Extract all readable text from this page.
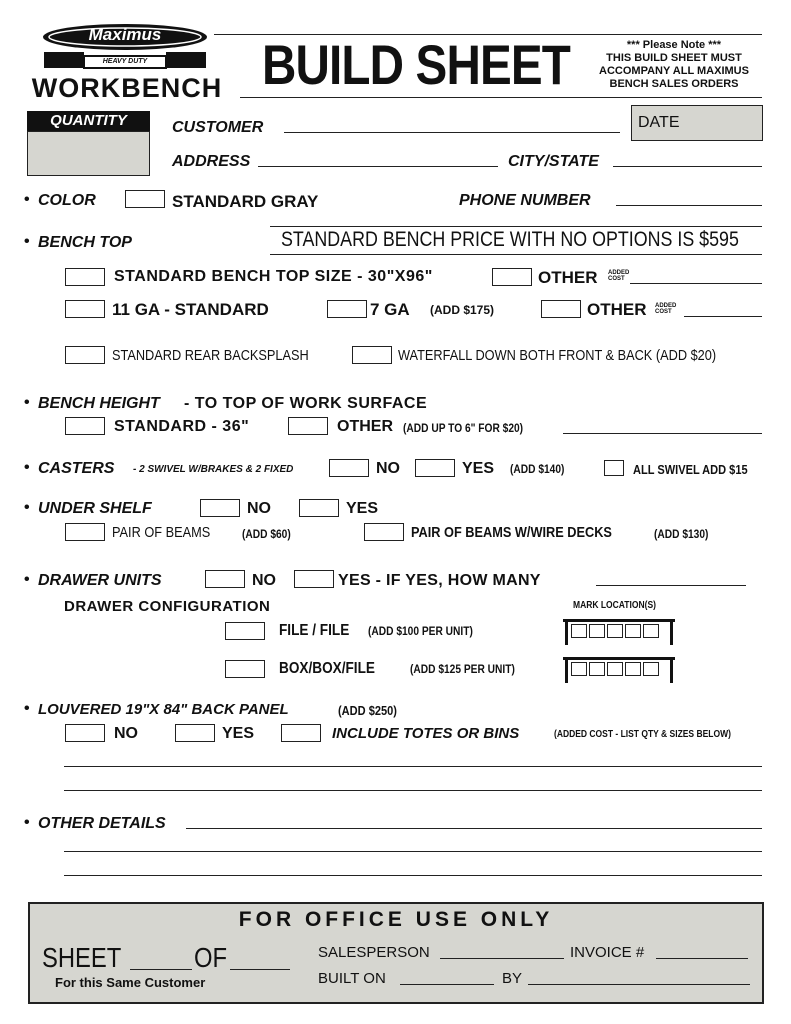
Maximus
HEAVY DUTY
WORKBENCH BUILD SHEET	*** Please Note ***
THIS BUILD SHEET MUST
ACCOMPANY ALL MAXIMUS
BENCH SALES ORDERS
QUANTITY	CUSTOMER	DATE
ADDRESS	CITY/STATE
• COLOR	STANDARD GRAY	PHONE NUMBER
• BENCH TOP	STANDARD BENCH PRICE WITH NO OPTIONS IS $595
STANDARD BENCH TOP SIZE - 30"X96"	OTHER ADDED
COST
11 GA - STANDARD	7 GA (ADD $175)	OTHER ADDED
COST
STANDARD REAR BACKSPLASH	WATERFALL DOWN BOTH FRONT & BACK (ADD $20)
• BENCH HEIGHT - TO TOP OF WORK SURFACE
STANDARD - 36"	OTHER (ADD UP TO 6" FOR $20)
• CASTERS - 2 SWIVEL W/BRAKES & 2 FIXED	NO	YES (ADD $140)	ALL SWIVEL ADD $15
• UNDER SHELF	NO	YES
PAIR OF BEAMS	(ADD $60)	PAIR OF BEAMS W/WIRE DECKS	(ADD $130)
• DRAWER UNITS	NO	YES - IF YES, HOW MANY
DRAWER CONFIGURATION	MARK LOCATION(S)
FILE / FILE (ADD $100 PER UNIT)
BOX/BOX/FILE	(ADD $125 PER UNIT)
• LOUVERED 19"X 84" BACK PANEL	(ADD $250)
NO	YES	INCLUDE TOTES OR BINS	(ADDED COST - LIST QTY & SIZES BELOW)
• OTHER DETAILS
FOR OFFICE USE ONLY
SHEET	OF
For this Same Customer
SALESPERSON	INVOICE #
BUILT ON	BY
